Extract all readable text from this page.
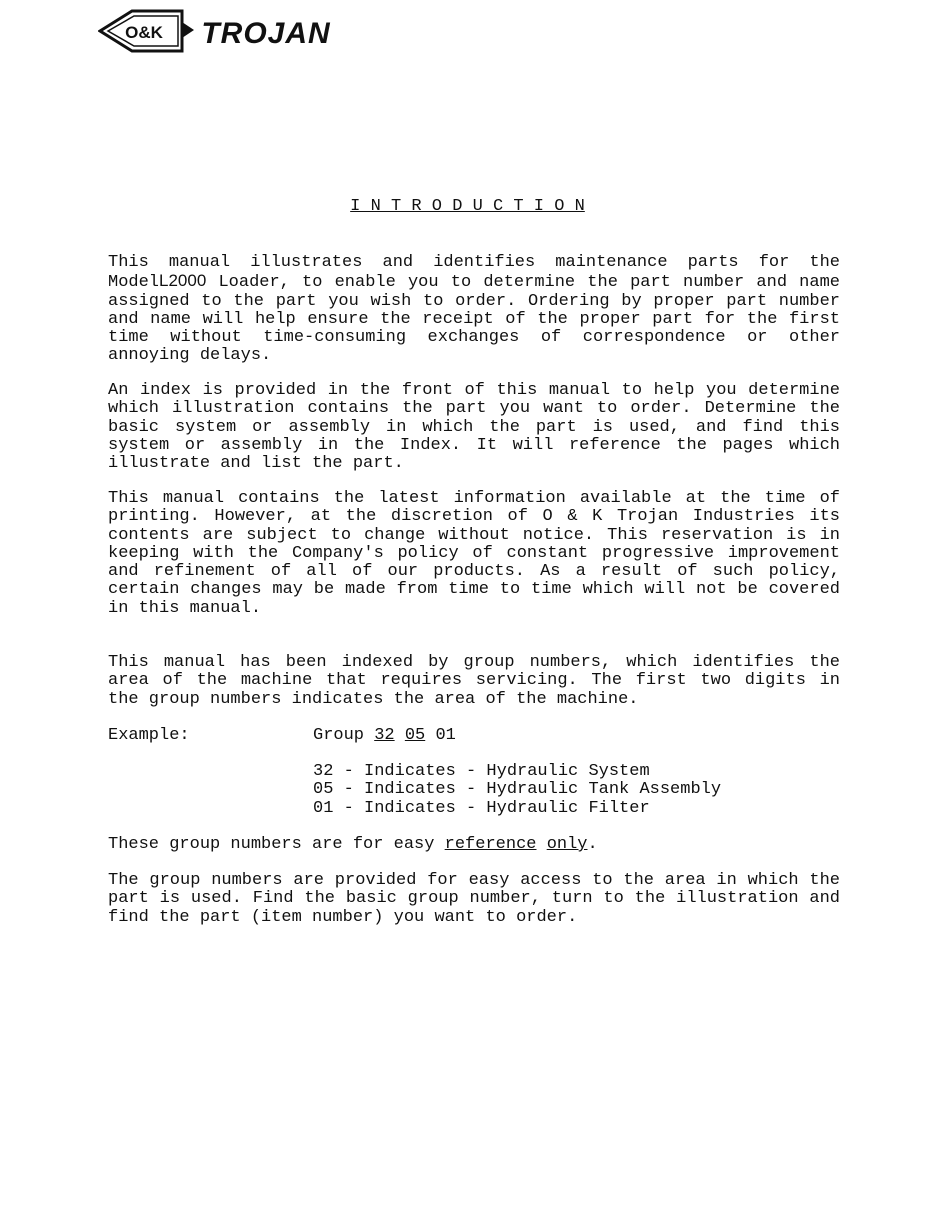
O&K TROJAN
I N T R O D U C T I O N
This manual illustrates and identifies maintenance parts for the ModelL2000 Loader, to enable you to determine the part number and name assigned to the part you wish to order. Ordering by proper part number and name will help ensure the receipt of the proper part for the first time without time-consuming exchanges of correspondence or other annoying delays.
An index is provided in the front of this manual to help you determine which illustration contains the part you want to order. Determine the basic system or assembly in which the part is used, and find this system or assembly in the Index. It will reference the pages which illustrate and list the part.
This manual contains the latest information available at the time of printing. However, at the discretion of O & K Trojan Industries its contents are subject to change without notice. This reservation is in keeping with the Company's policy of constant progressive improvement and refinement of all of our products. As a result of such policy, certain changes may be made from time to time which will not be covered in this manual.
This manual has been indexed by group numbers, which identifies the area of the machine that requires servicing. The first two digits in the group numbers indicates the area of the machine.
Example:	Group 32 05 01
32 - Indicates - Hydraulic System
05 - Indicates - Hydraulic Tank Assembly
01 - Indicates - Hydraulic Filter
These group numbers are for easy reference only.
The group numbers are provided for easy access to the area in which the part is used. Find the basic group number, turn to the illustration and find the part (item number) you want to order.
